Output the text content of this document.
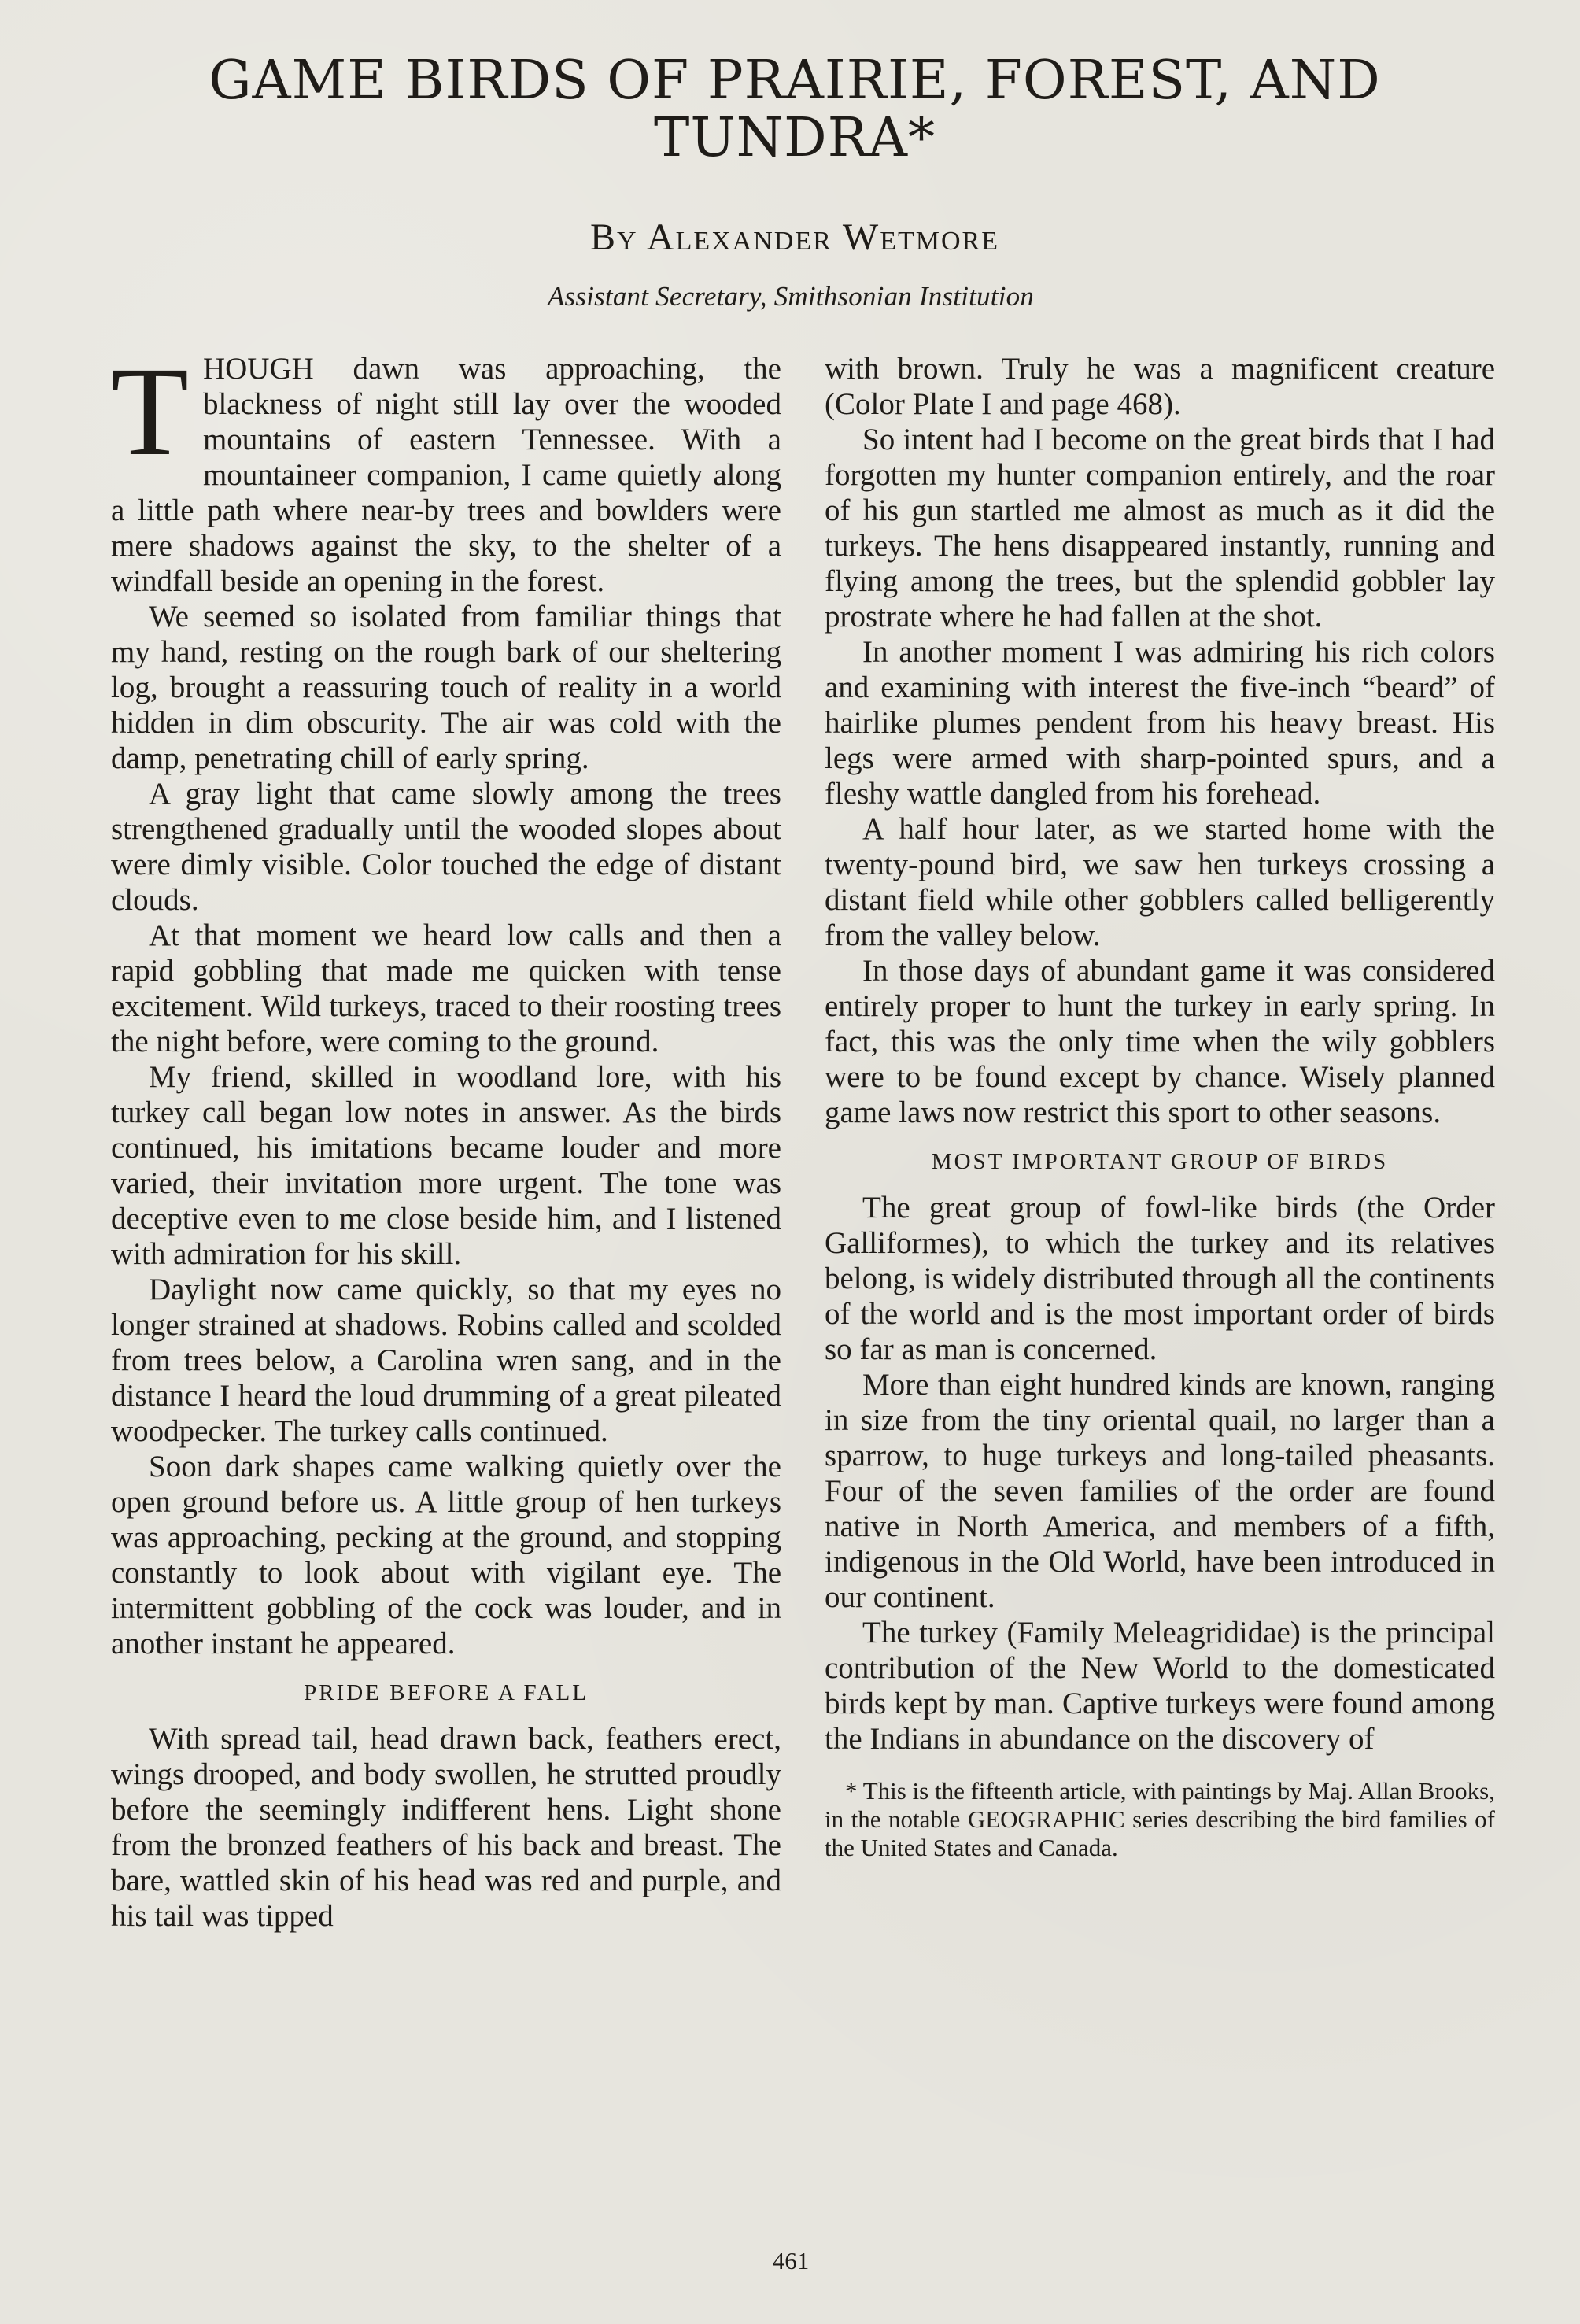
GAME BIRDS OF PRAIRIE, FOREST, AND TUNDRA*
By Alexander Wetmore
Assistant Secretary, Smithsonian Institution

THOUGH dawn was approaching, the blackness of night still lay over the wooded mountains of eastern Tennessee. With a mountaineer companion, I came quietly along a little path where near-by trees and bowlders were mere shadows against the sky, to the shelter of a windfall beside an opening in the forest.

We seemed so isolated from familiar things that my hand, resting on the rough bark of our sheltering log, brought a reassuring touch of reality in a world hidden in dim obscurity. The air was cold with the damp, penetrating chill of early spring.

A gray light that came slowly among the trees strengthened gradually until the wooded slopes about were dimly visible. Color touched the edge of distant clouds.

At that moment we heard low calls and then a rapid gobbling that made me quicken with tense excitement. Wild turkeys, traced to their roosting trees the night before, were coming to the ground.

My friend, skilled in woodland lore, with his turkey call began low notes in answer. As the birds continued, his imitations became louder and more varied, their invitation more urgent. The tone was deceptive even to me close beside him, and I listened with admiration for his skill.

Daylight now came quickly, so that my eyes no longer strained at shadows. Robins called and scolded from trees below, a Carolina wren sang, and in the distance I heard the loud drumming of a great pileated woodpecker. The turkey calls continued.

Soon dark shapes came walking quietly over the open ground before us. A little group of hen turkeys was approaching, pecking at the ground, and stopping constantly to look about with vigilant eye. The intermittent gobbling of the cock was louder, and in another instant he appeared.

PRIDE BEFORE A FALL

With spread tail, head drawn back, feathers erect, wings drooped, and body swollen, he strutted proudly before the seemingly indifferent hens. Light shone from the bronzed feathers of his back and breast. The bare, wattled skin of his head was red and purple, and his tail was tipped

with brown. Truly he was a magnificent creature (Color Plate I and page 468).

So intent had I become on the great birds that I had forgotten my hunter companion entirely, and the roar of his gun startled me almost as much as it did the turkeys. The hens disappeared instantly, running and flying among the trees, but the splendid gobbler lay prostrate where he had fallen at the shot.

In another moment I was admiring his rich colors and examining with interest the five-inch “beard” of hairlike plumes pendent from his heavy breast. His legs were armed with sharp-pointed spurs, and a fleshy wattle dangled from his forehead.

A half hour later, as we started home with the twenty-pound bird, we saw hen turkeys crossing a distant field while other gobblers called belligerently from the valley below.

In those days of abundant game it was considered entirely proper to hunt the turkey in early spring. In fact, this was the only time when the wily gobblers were to be found except by chance. Wisely planned game laws now restrict this sport to other seasons.

MOST IMPORTANT GROUP OF BIRDS

The great group of fowl-like birds (the Order Galliformes), to which the turkey and its relatives belong, is widely distributed through all the continents of the world and is the most important order of birds so far as man is concerned.

More than eight hundred kinds are known, ranging in size from the tiny oriental quail, no larger than a sparrow, to huge turkeys and long-tailed pheasants. Four of the seven families of the order are found native in North America, and members of a fifth, indigenous in the Old World, have been introduced in our continent.

The turkey (Family Meleagrididae) is the principal contribution of the New World to the domesticated birds kept by man. Captive turkeys were found among the Indians in abundance on the discovery of

* This is the fifteenth article, with paintings by Maj. Allan Brooks, in the notable GEOGRAPHIC series describing the bird families of the United States and Canada.

461
